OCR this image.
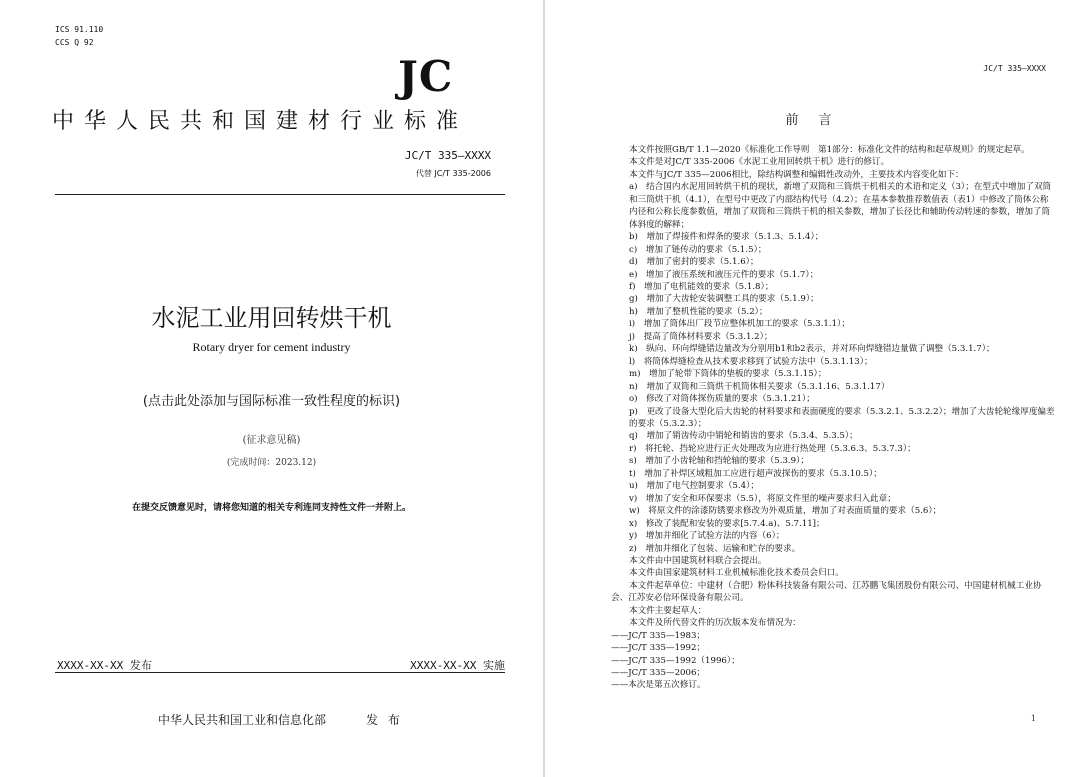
ICS 91.110
CCS Q 92
JC
中华人民共和国建材行业标准
JC/T 335—XXXX
代替 JC/T 335-2006
水泥工业用回转烘干机
Rotary dryer for cement industry
(点击此处添加与国际标准一致性程度的标识)
(征求意见稿)
(完成时间：2023.12)
在提交反馈意见时，请将您知道的相关专利连同支持性文件一并附上。
XXXX-XX-XX 发布	XXXX-XX-XX 实施
中华人民共和国工业和信息化部	发 布
JC/T 335—XXXX
前 言

本文件按照GB/T 1.1—2020《标准化工作导则　第1部分：标准化文件的结构和起草规则》的规定起草。

本文件是对JC/T 335-2006《水泥工业用回转烘干机》进行的修订。

本文件与JC/T 335—2006相比，除结构调整和编辑性改动外，主要技术内容变化如下：

a)　结合国内水泥用回转烘干机的现状，新增了双筒和三筒烘干机相关的术语和定义（3）；在型式中增加了双筒和三筒烘干机（4.1），在型号中更改了内部结构代号（4.2）；在基本参数推荐数值表（表1）中修改了筒体公称内径和公称长度参数值，增加了双筒和三筒烘干机的相关参数，增加了长径比和辅助传动转速的参数，增加了筒体斜度的解释；

b)　增加了焊接件和焊条的要求（5.1.3、5.1.4）；

c)　增加了链传动的要求（5.1.5）；

d)　增加了密封的要求（5.1.6）；

e)　增加了液压系统和液压元件的要求（5.1.7）；

f)　增加了电机能效的要求（5.1.8）；

g)　增加了大齿轮安装调整工具的要求（5.1.9）；

h)　增加了整机性能的要求（5.2）；

i)　增加了筒体出厂段节应整体机加工的要求（5.3.1.1）；

j)　提高了筒体材料要求（5.3.1.2）；

k)　纵向、环向焊缝错边量改为分别用b1和b2表示，并对环向焊缝错边量做了调整（5.3.1.7）；

l)　将筒体焊缝检查从技术要求移到了试验方法中（5.3.1.13）；

m)　增加了轮带下筒体的垫板的要求（5.3.1.15）；

n)　增加了双筒和三筒烘干机筒体相关要求（5.3.1.16、5.3.1.17）

o)　修改了对筒体探伤质量的要求（5.3.1.21）；

p)　更改了设备大型化后大齿轮的材料要求和表面硬度的要求（5.3.2.1、5.3.2.2）；增加了大齿轮轮缘厚度偏差的要求（5.3.2.3）；

q)　增加了销齿传动中销轮和销齿的要求（5.3.4、5.3.5）；

r)　将托轮、挡轮应进行正火处理改为应进行热处理（5.3.6.3、5.3.7.3）；

s)　增加了小齿轮轴和挡轮轴的要求（5.3.9）；

t)　增加了补焊区域粗加工应进行超声波探伤的要求（5.3.10.5）；

u)　增加了电气控制要求（5.4）；

v)　增加了安全和环保要求（5.5），将原文件里的噪声要求归入此章；

w)　将原文件的涂漆防锈要求修改为外观质量，增加了对表面质量的要求（5.6）；

x)　修改了装配和安装的要求[5.7.4.a)、5.7.11]；

y)　增加并细化了试验方法的内容（6）；

z)　增加并细化了包装、运输和贮存的要求。

本文件由中国建筑材料联合会提出。

本文件由国家建筑材料工业机械标准化技术委员会归口。

本文件起草单位：中建材（合肥）粉体科技装备有限公司、江苏鹏飞集团股份有限公司、中国建材机械工业协会、江苏安必信环保设备有限公司。

本文件主要起草人：

本文件及所代替文件的历次版本发布情况为：

——JC/T 335—1983；

——JC/T 335—1992；

——JC/T 335—1992（1996）；

——JC/T 335—2006；

——本次是第五次修订。

1
